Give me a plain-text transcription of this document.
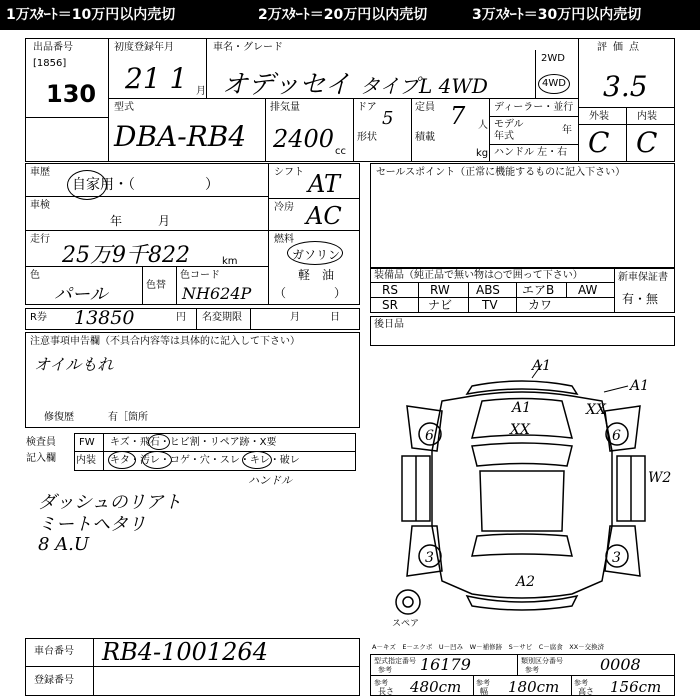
1万ｽﾀｰﾄ＝10万円以内売切	2万ｽﾀｰﾄ＝20万円以内売切	3万ｽﾀｰﾄ＝30万円以内売切
出品番号
[1856]
130
初度登録年月
21 1 月
車名・グレード
オデッセイ タイプL 4WD
2WD
4WD
評価点
3.5
型式
DBA-RB4
排気量
2400 cc
ドア
5
形状
定員 7 人
積載
kg
ディーラー・並行
モデル
年式
年
ハンドル 左・右
外装	内装
C C
車歴
自家用・（　　　　　）
車検
年　　　月
走行
25万9千822	km
色
パール	色替
色コード
NH624P
シフト AT
冷房 AC
燃料
ガソリン
軽　油
（　　　　）
セールスポイント（正常に機能するものに記入下さい）
装備品（純正品で無い物は○で囲って下さい）
RS	RW ABS エアB AW
SR	ナビ TV	カワ
新車保証書
有・無
R券 13850	円 名変期限	月　　　日
注意事項申告欄（不具合内容等は具体的に記入して下さい）
オイルもれ
修復歴	有［箇所
後日品
検査員
記入欄
FW キズ・飛石・ヒビ割・リペア跡・X要
内装 キタ・汚レ・コゲ・穴・スレ・キレ・破レ
ハンドル
ダッシュのリアト
ミートヘタリ
8 A.U
A1
A1
XX
A1
XX
6	6
3	3
W2
A2
スペア
車台番号 RB4-1001264
登録番号
A－キズ　E－エクボ　U－凹み　W－補修跡　S－サビ　C－腐食　XX－交換済
型式指定番号
参考 16179	類別区分番号
参考	0008
参考
長さ 480cm 参考
幅 180cm 参考
高さ 156cm
